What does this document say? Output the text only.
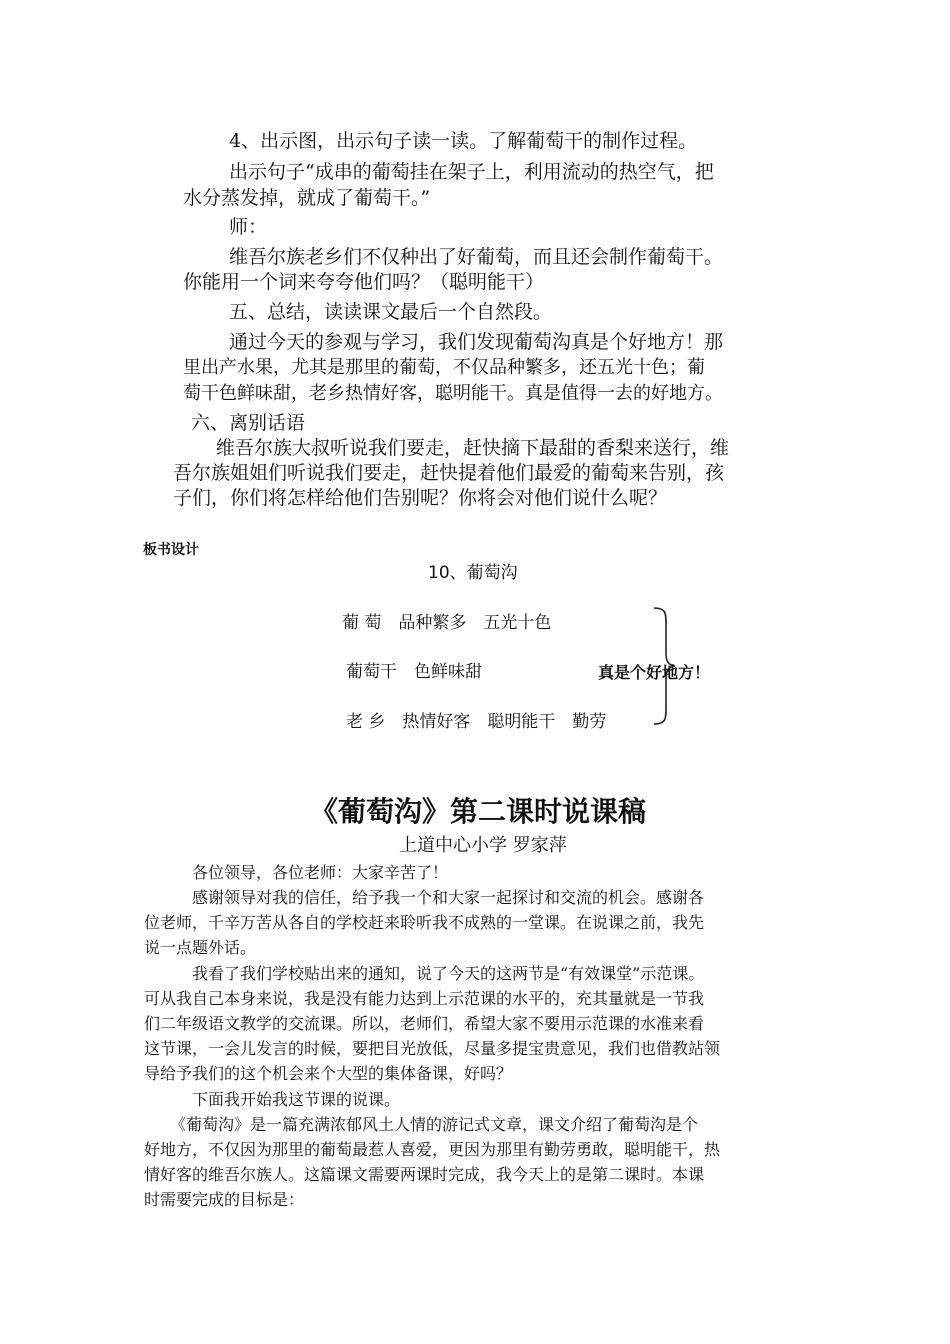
4、出示图，出示句子读一读。了解葡萄干的制作过程。
出示句子“成串的葡萄挂在架子上，利用流动的热空气，把
水分蒸发掉，就成了葡萄干。”
师：
维吾尔族老乡们不仅种出了好葡萄，而且还会制作葡萄干。
你能用一个词来夸夸他们吗？（聪明能干）
五、总结，读读课文最后一个自然段。
通过今天的参观与学习，我们发现葡萄沟真是个好地方！那
里出产水果，尤其是那里的葡萄，不仅品种繁多，还五光十色；葡
萄干色鲜味甜，老乡热情好客，聪明能干。真是值得一去的好地方。
六、离别话语
维吾尔族大叔听说我们要走，赶快摘下最甜的香梨来送行，维
吾尔族姐姐们听说我们要走，赶快提着他们最爱的葡萄来告别，孩
子们，你们将怎样给他们告别呢？你将会对他们说什么呢？
板书设计
10、葡萄沟
葡 萄　品种繁多　五光十色
葡萄干　色鲜味甜
老 乡　热情好客　聪明能干　勤劳
真是个好地方！
《葡萄沟》第二课时说课稿
上道中心小学 罗家萍
各位领导，各位老师：大家辛苦了！
感谢领导对我的信任，给予我一个和大家一起探讨和交流的机会。感谢各
位老师，千辛万苦从各自的学校赶来聆听我不成熟的一堂课。在说课之前，我先
说一点题外话。
我看了我们学校贴出来的通知，说了今天的这两节是“有效课堂”示范课。
可从我自己本身来说，我是没有能力达到上示范课的水平的，充其量就是一节我
们二年级语文教学的交流课。所以，老师们，希望大家不要用示范课的水准来看
这节课，一会儿发言的时候，要把目光放低，尽量多提宝贵意见，我们也借教站领
导给予我们的这个机会来个大型的集体备课，好吗？
下面我开始我这节课的说课。
《葡萄沟》是一篇充满浓郁风土人情的游记式文章，课文介绍了葡萄沟是个
好地方，不仅因为那里的葡萄最惹人喜爱，更因为那里有勤劳勇敢，聪明能干，热
情好客的维吾尔族人。这篇课文需要两课时完成，我今天上的是第二课时。本课
时需要完成的目标是：
